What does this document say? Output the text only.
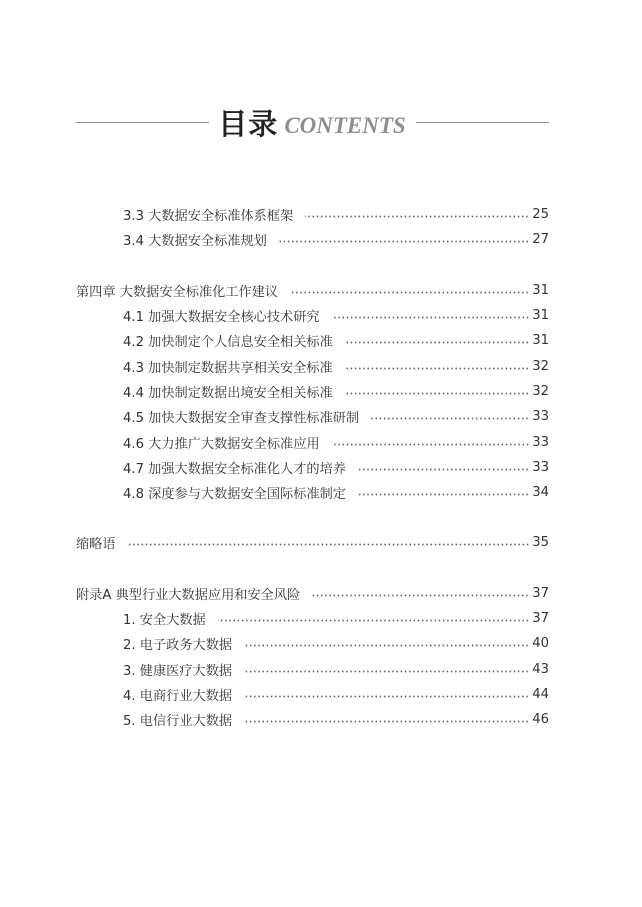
目录 CONTENTS
3.3 大数据安全标准体系框架	25
3.4 大数据安全标准规划	27
第四章 大数据安全标准化工作建议	31
4.1 加强大数据安全核心技术研究	31
4.2 加快制定个人信息安全相关标准	31
4.3 加快制定数据共享相关安全标准	32
4.4 加快制定数据出境安全相关标准	32
4.5 加快大数据安全审查支撑性标准研制	33
4.6 大力推广大数据安全标准应用	33
4.7 加强大数据安全标准化人才的培养	33
4.8 深度参与大数据安全国际标准制定	34
缩略语	35
附录A 典型行业大数据应用和安全风险	37
1. 安全大数据	37
2. 电子政务大数据	40
3. 健康医疗大数据	43
4. 电商行业大数据	44
5. 电信行业大数据	46
